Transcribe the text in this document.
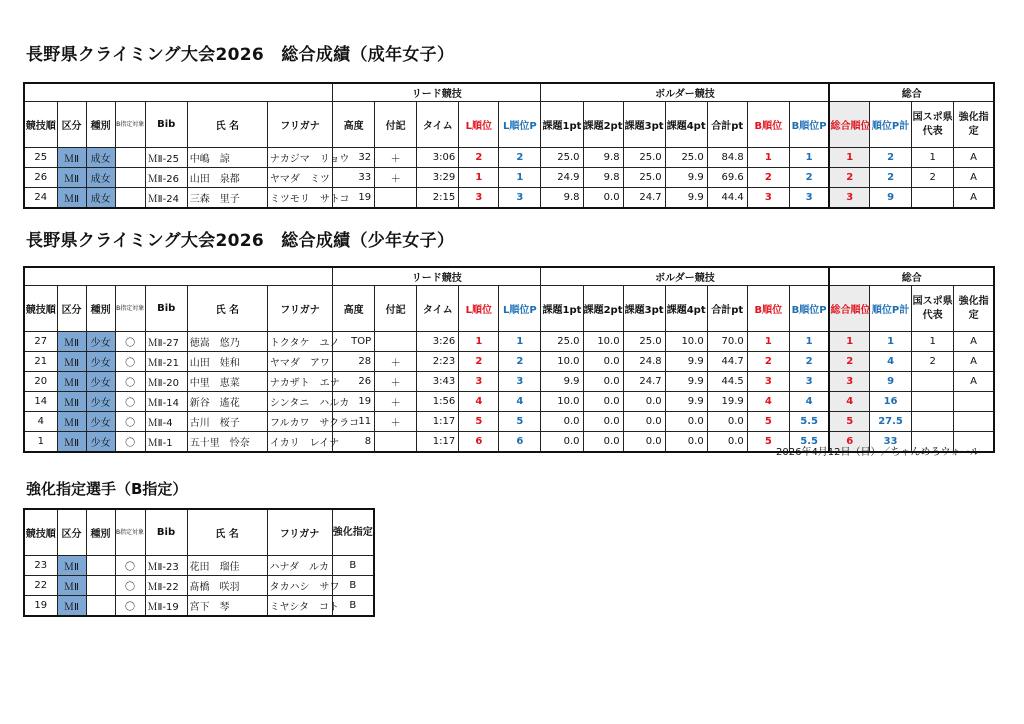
長野県クライミング大会2026　総合成績（成年女子）
							リード競技					ボルダー競技							総合			
競技順	区分	種別	B指定対象	Bib	氏 名	フリガナ	高度	付記	タイム	L順位	L順位P	課題1pt	課題2pt	課題3pt	課題4pt	合計pt	B順位	B順位P	総合順位	順位P計	国スポ県代表	強化指定
25	ＭⅡ	成女		ＭⅡ-25	中嶋　諒	ナカジマ　リョウ	32	＋	3:06	2	2	25.0	9.8	25.0	25.0	84.8	1	1	1	2	1	A
26	ＭⅡ	成女		ＭⅡ-26	山田　泉都	ヤマダ　ミツ	33	＋	3:29	1	1	24.9	9.8	25.0	9.9	69.6	2	2	2	2	2	A
24	ＭⅡ	成女		ＭⅡ-24	三森　里子	ミツモリ　サトコ	19		2:15	3	3	9.8	0.0	24.7	9.9	44.4	3	3	3	9		A
長野県クライミング大会2026　総合成績（少年女子）
							リード競技					ボルダー競技							総合			
競技順	区分	種別	B指定対象	Bib	氏 名	フリガナ	高度	付記	タイム	L順位	L順位P	課題1pt	課題2pt	課題3pt	課題4pt	合計pt	B順位	B順位P	総合順位	順位P計	国スポ県代表	強化指定
27	ＭⅡ	少女	〇	ＭⅡ-27	徳嵩　悠乃	トクタケ　ユノ	TOP		3:26	1	1	25.0	10.0	25.0	10.0	70.0	1	1	1	1	1	A
21	ＭⅡ	少女	〇	ＭⅡ-21	山田　娃和	ヤマダ　アワ	28	＋	2:23	2	2	10.0	0.0	24.8	9.9	44.7	2	2	2	4	2	A
20	ＭⅡ	少女	〇	ＭⅡ-20	中里　恵菜	ナカザト　エナ	26	＋	3:43	3	3	9.9	0.0	24.7	9.9	44.5	3	3	3	9		A
14	ＭⅡ	少女	〇	ＭⅡ-14	新谷　遙花	シンタニ　ハルカ	19	＋	1:56	4	4	10.0	0.0	0.0	9.9	19.9	4	4	4	16		
4	ＭⅡ	少女	〇	ＭⅡ-4	古川　桜子	フルカワ　サクラコ	11	＋	1:17	5	5	0.0	0.0	0.0	0.0	0.0	5	5.5	5	27.5		
1	ＭⅡ	少女	〇	ＭⅡ-1	五十里　怜奈	イカリ　レイナ	8		1:17	6	6	0.0	0.0	0.0	0.0	0.0	5	5.5	6	33		
2026年4月12日（日）／ちゃんめろウォール
強化指定選手（B指定）
競技順	区分	種別	B指定対象	Bib	氏 名	フリガナ	強化指定
23	ＭⅡ		〇	ＭⅡ-23	花田　瑠佳	ハナダ　ルカ	B
22	ＭⅡ		〇	ＭⅡ-22	髙橋　咲羽	タカハシ　サワ	B
19	ＭⅡ		〇	ＭⅡ-19	宮下　琴	ミヤシタ　コト	B
